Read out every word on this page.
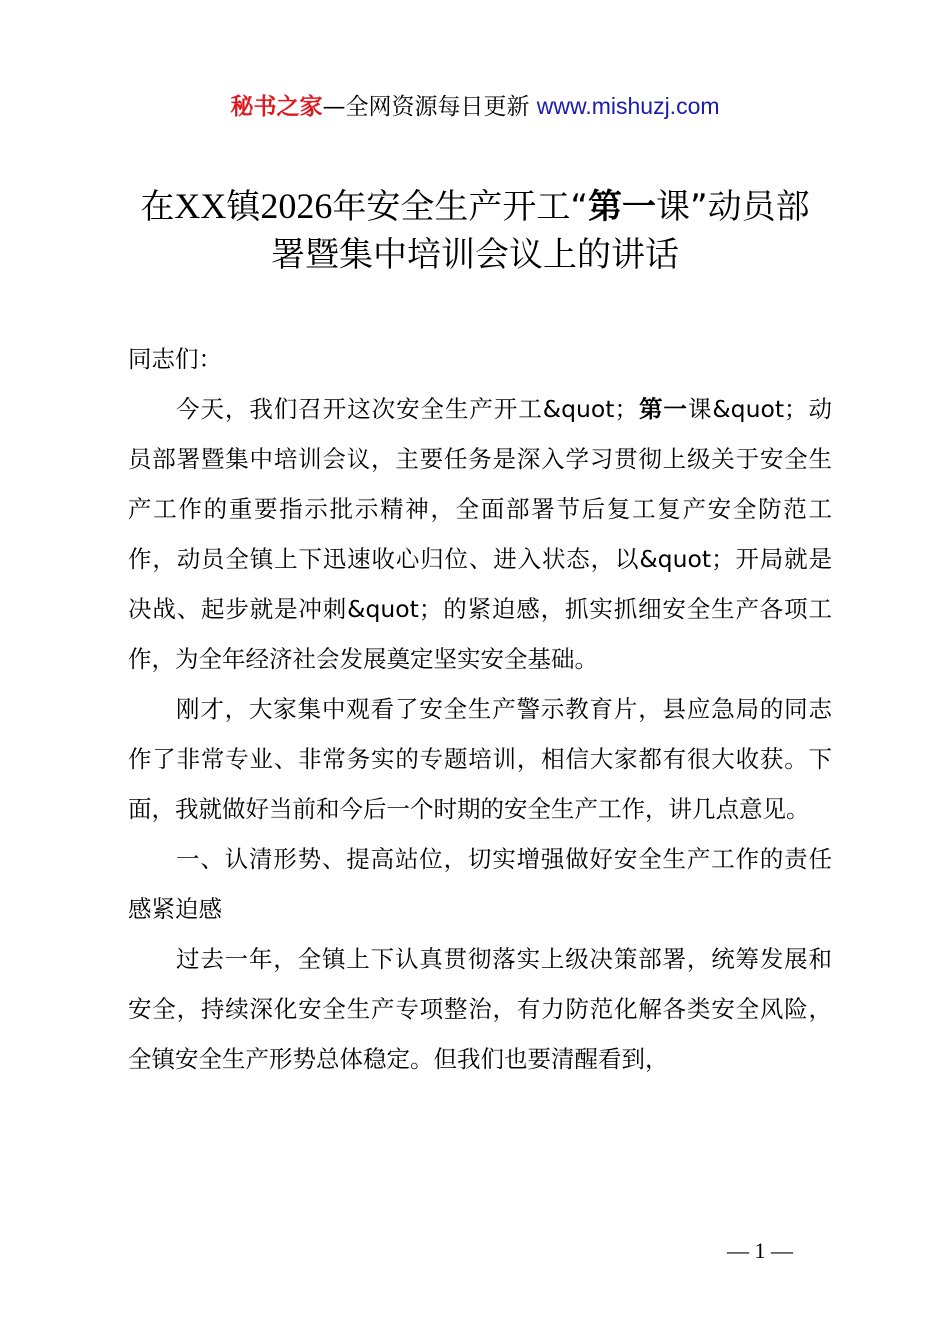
秘书之家—全网资源每日更新 www.mishuzj.com
在XX镇2026年安全生产开工“第一课”动员部署暨集中培训会议上的讲话

同志们：

今天，我们召开这次安全生产开工&quot；第一课&quot；动员部署暨集中培训会议，主要任务是深入学习贯彻上级关于安全生产工作的重要指示批示精神，全面部署节后复工复产安全防范工作，动员全镇上下迅速收心归位、进入状态，以&quot；开局就是决战、起步就是冲刺&quot；的紧迫感，抓实抓细安全生产各项工作，为全年经济社会发展奠定坚实安全基础。

刚才，大家集中观看了安全生产警示教育片，县应急局的同志作了非常专业、非常务实的专题培训，相信大家都有很大收获。下面，我就做好当前和今后一个时期的安全生产工作，讲几点意见。

一、认清形势、提高站位，切实增强做好安全生产工作的责任感紧迫感

过去一年，全镇上下认真贯彻落实上级决策部署，统筹发展和安全，持续深化安全生产专项整治，有力防范化解各类安全风险，全镇安全生产形势总体稳定。但我们也要清醒看到，

— 1 —
